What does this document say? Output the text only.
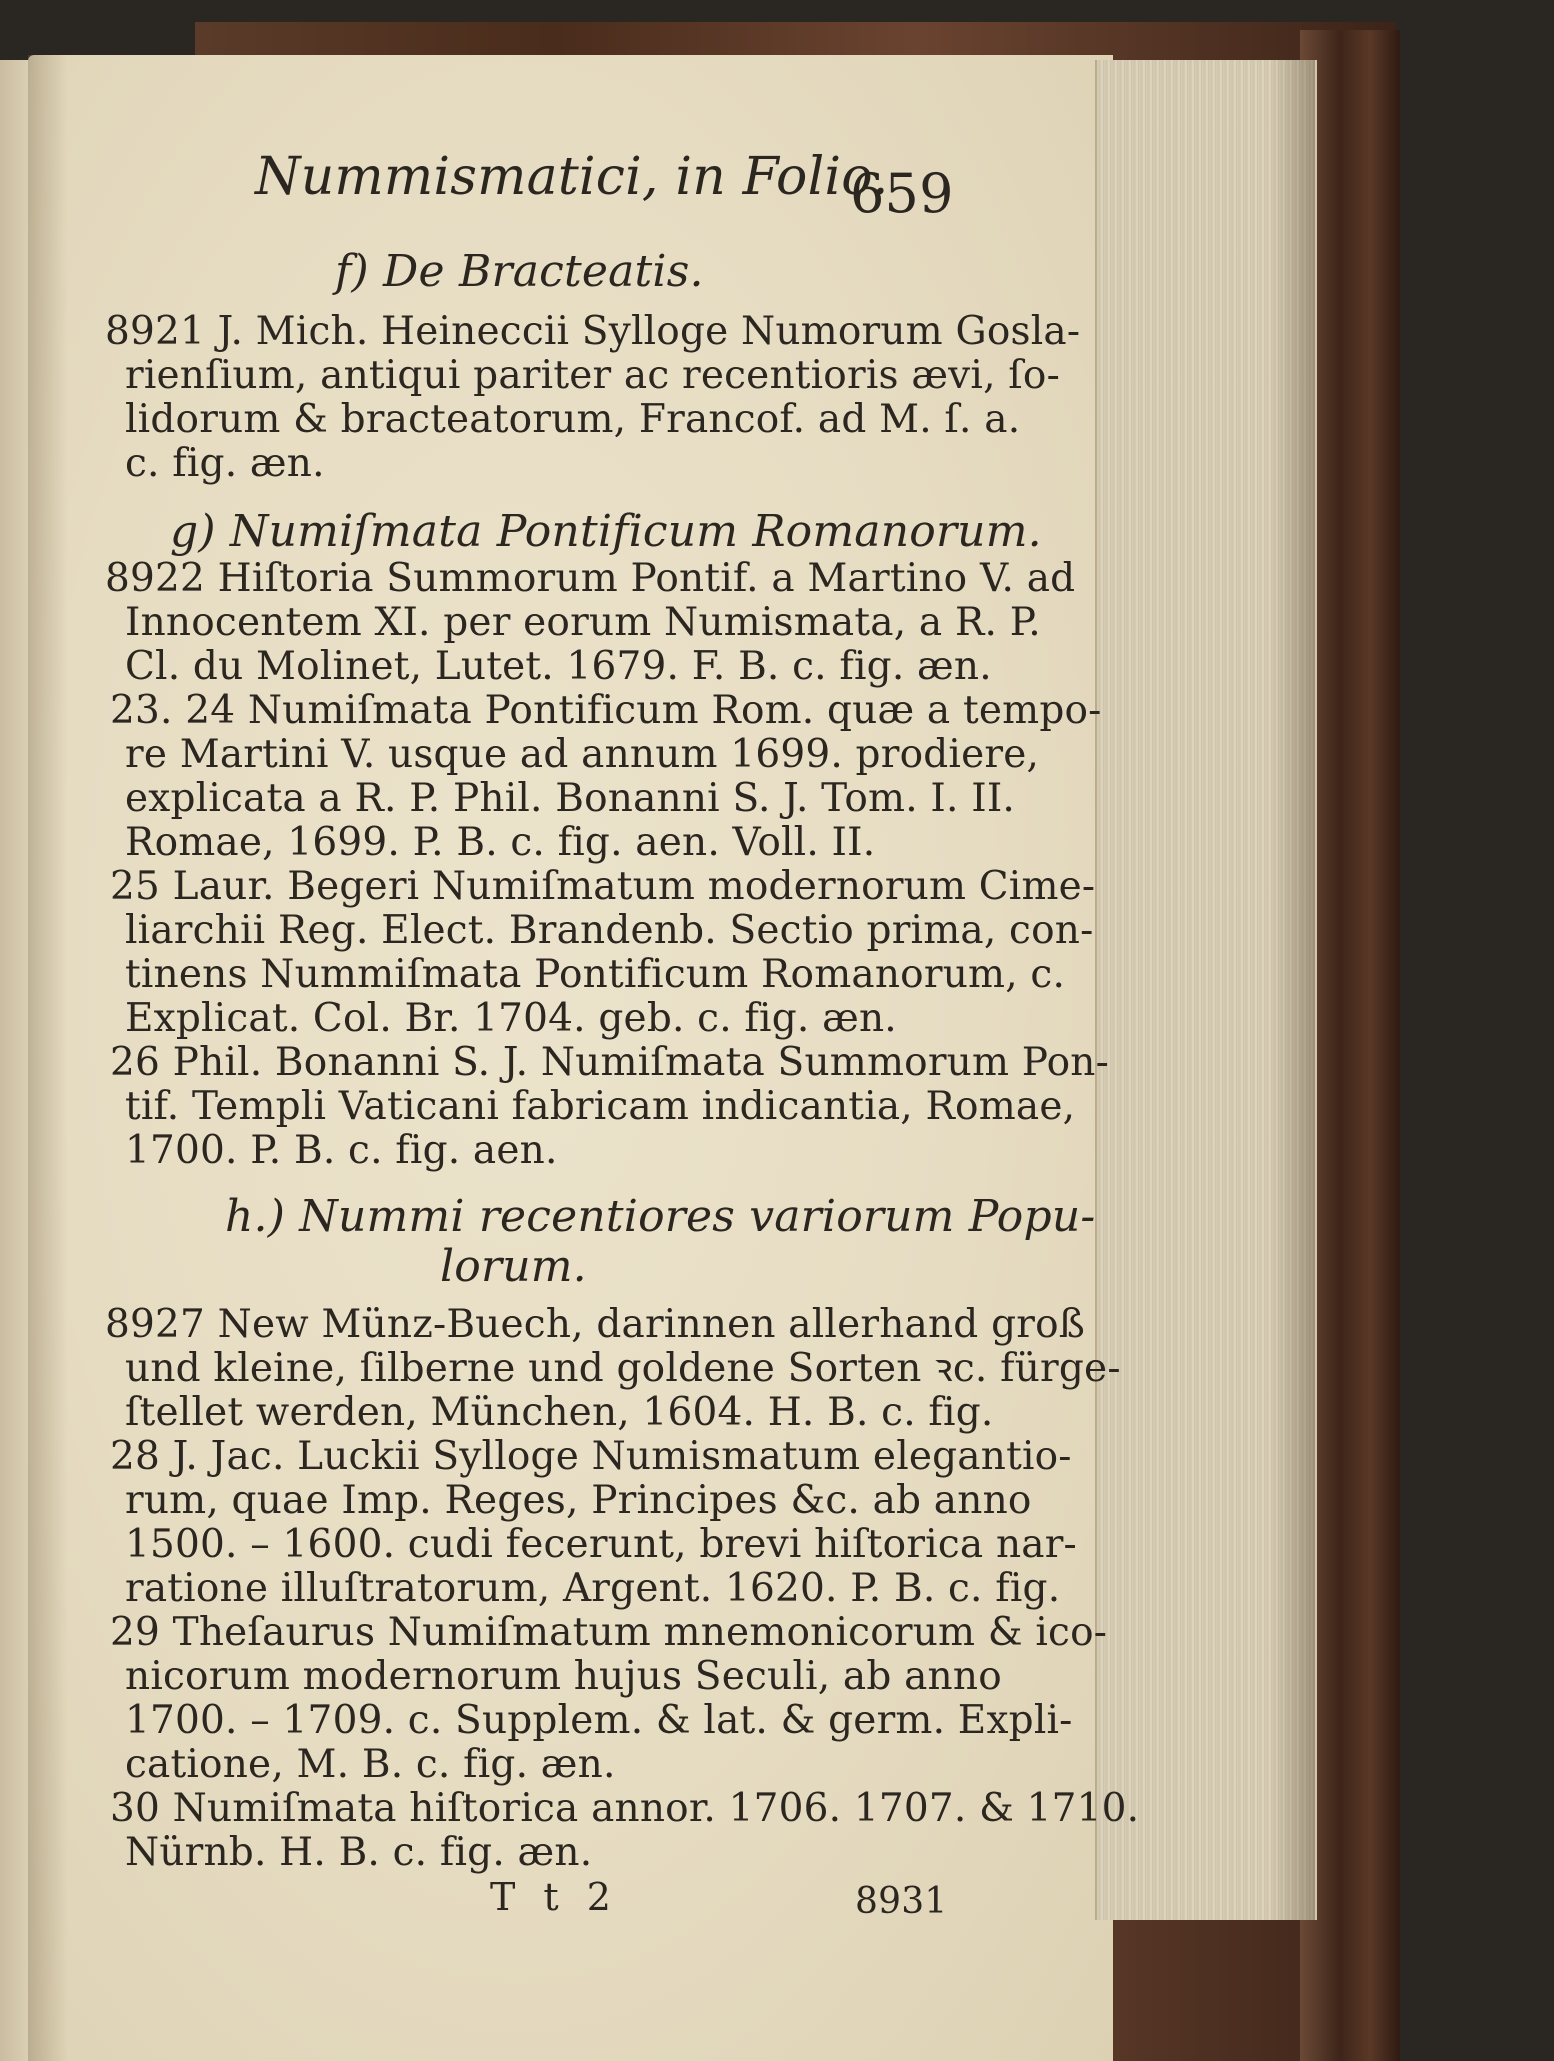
Nummismatici, in Folio.
659
f) De Bracteatis.
8921 J. Mich. Heineccii Sylloge Numorum Gosla-
rienſium, antiqui pariter ac recentioris ævi, ſo-
lidorum & bracteatorum, Francof. ad M. ſ. a.
c. fig. æn.
g) Numiſmata Pontificum Romanorum.
8922 Hiſtoria Summorum Pontif. a Martino V. ad
Innocentem XI. per eorum Numismata, a R. P.
Cl. du Molinet, Lutet. 1679. F. B. c. fig. æn.
23. 24 Numiſmata Pontificum Rom. quæ a tempo-
re Martini V. usque ad annum 1699. prodiere,
explicata a R. P. Phil. Bonanni S. J. Tom. I. II.
Romae, 1699. P. B. c. fig. aen. Voll. II.
25 Laur. Begeri Numiſmatum modernorum Cime-
liarchii Reg. Elect. Brandenb. Sectio prima, con-
tinens Nummiſmata Pontificum Romanorum, c.
Explicat. Col. Br. 1704. geb. c. fig. æn.
26 Phil. Bonanni S. J. Numiſmata Summorum Pon-
tif. Templi Vaticani fabricam indicantia, Romae,
1700. P. B. c. fig. aen.
h.) Nummi recentiores variorum Popu-
lorum.
8927 New Münz-Buech, darinnen allerhand groß
und kleine, ſilberne und goldene Sorten ꝛc. fürge-
ſtellet werden, München, 1604. H. B. c. fig.
28 J. Jac. Luckii Sylloge Numismatum elegantio-
rum, quae Imp. Reges, Principes &c. ab anno
1500. – 1600. cudi fecerunt, brevi hiſtorica nar-
ratione illuſtratorum, Argent. 1620. P. B. c. fig.
29 Theſaurus Numiſmatum mnemonicorum & ico-
nicorum modernorum hujus Seculi, ab anno
1700. – 1709. c. Supplem. & lat. & germ. Expli-
catione, M. B. c. fig. æn.
30 Numiſmata hiſtorica annor. 1706. 1707. & 1710.
Nürnb. H. B. c. fig. æn.
T t 2	8931
